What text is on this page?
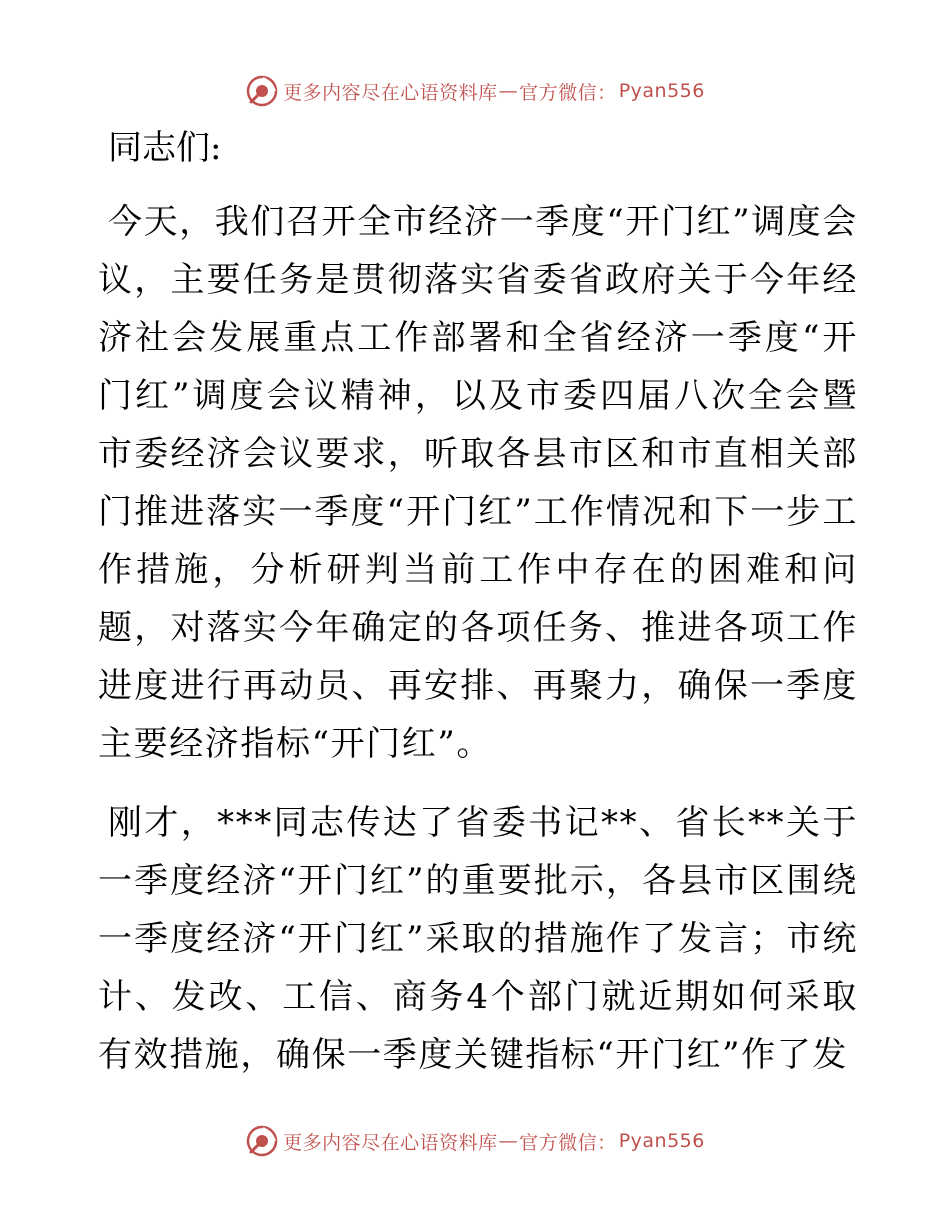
更多内容尽在心语资料库 — 官方微信： Pyan556
同志们:

今天，我们召开全市经济一季度“开门红”调度会议，主要任务是贯彻落实省委省政府关于今年经济社会发展重点工作部署和全省经济一季度“开门红”调度会议精神，以及市委四届八次全会暨市委经济会议要求，听取各县市区和市直相关部门推进落实一季度“开门红”工作情况和下一步工作措施，分析研判当前工作中存在的困难和问题，对落实今年确定的各项任务、推进各项工作进度进行再动员、再安排、再聚力，确保一季度主要经济指标“开门红”。

刚才，***同志传达了省委书记**、省长**关于一季度经济“开门红”的重要批示，各县市区围绕一季度经济“开门红”采取的措施作了发言；市统计、发改、工信、商务4个部门就近期如何采取有效措施，确保一季度关键指标“开门红”作了发

更多内容尽在心语资料库 — 官方微信： Pyan556
